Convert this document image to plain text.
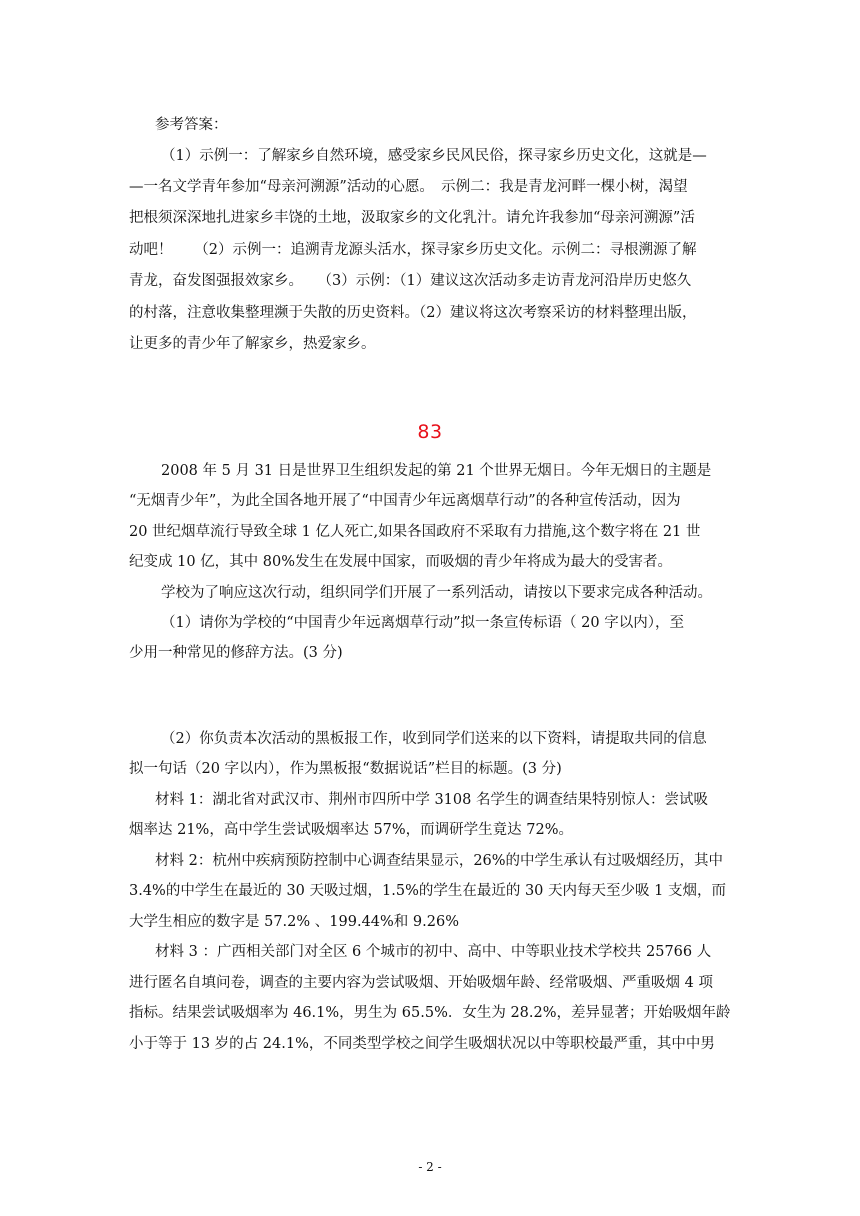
参考答案：
（1）示例一：了解家乡自然环境，感受家乡民风民俗，探寻家乡历史文化，这就是—
—一名文学青年参加“母亲河溯源”活动的心愿。　示例二：我是青龙河畔一棵小树，渴望
把根须深深地扎进家乡丰饶的土地，汲取家乡的文化乳汁。请允许我参加“母亲河溯源”活
动吧！　　（2）示例一：追溯青龙源头活水，探寻家乡历史文化。示例二：寻根溯源了解
青龙，奋发图强报效家乡。　　（3）示例：（1）建议这次活动多走访青龙河沿岸历史悠久
的村落，注意收集整理濒于失散的历史资料。（2）建议将这次考察采访的材料整理出版，
让更多的青少年了解家乡，热爱家乡。
83
2008 年 5 月 31 日是世界卫生组织发起的第 21 个世界无烟日。今年无烟日的主题是
“无烟青少年”，为此全国各地开展了“中国青少年远离烟草行动”的各种宣传活动，因为
20 世纪烟草流行导致全球 1 亿人死亡,如果各国政府不采取有力措施,这个数字将在 21 世
纪变成 10 亿，其中 80%发生在发展中国家，而吸烟的青少年将成为最大的受害者。
学校为了响应这次行动，组织同学们开展了一系列活动，请按以下要求完成各种活动。
（1）请你为学校的“中国青少年远离烟草行动”拟一条宣传标语（ 20 字以内），至
少用一种常见的修辞方法。(3 分)
（2）你负责本次活动的黑板报工作，收到同学们送来的以下资料，请提取共同的信息
拟一句话（20 字以内），作为黑板报“数据说话”栏目的标题。(3 分)
材料 1：湖北省对武汉市、荆州市四所中学 3108 名学生的调查结果特别惊人：尝试吸
烟率达 21%，高中学生尝试吸烟率达 57%，而调研学生竟达 72%。
材料 2：杭州中疾病预防控制中心调查结果显示，26%的中学生承认有过吸烟经历，其中
3.4%的中学生在最近的 30 天吸过烟，1.5%的学生在最近的 30 天内每天至少吸 1 支烟，而
大学生相应的数字是 57.2% 、199.44%和 9.26%
材料 3 ：广西相关部门对全区 6 个城市的初中、高中、中等职业技术学校共 25766 人
进行匿名自填问卷，调查的主要内容为尝试吸烟、开始吸烟年龄、经常吸烟、严重吸烟 4 项
指标。结果尝试吸烟率为 46.1%，男生为 65.5%．女生为 28.2%，差异显著；开始吸烟年龄
小于等于 13 岁的占 24.1%，不同类型学校之间学生吸烟状况以中等职校最严重，其中中男
- 2 -
